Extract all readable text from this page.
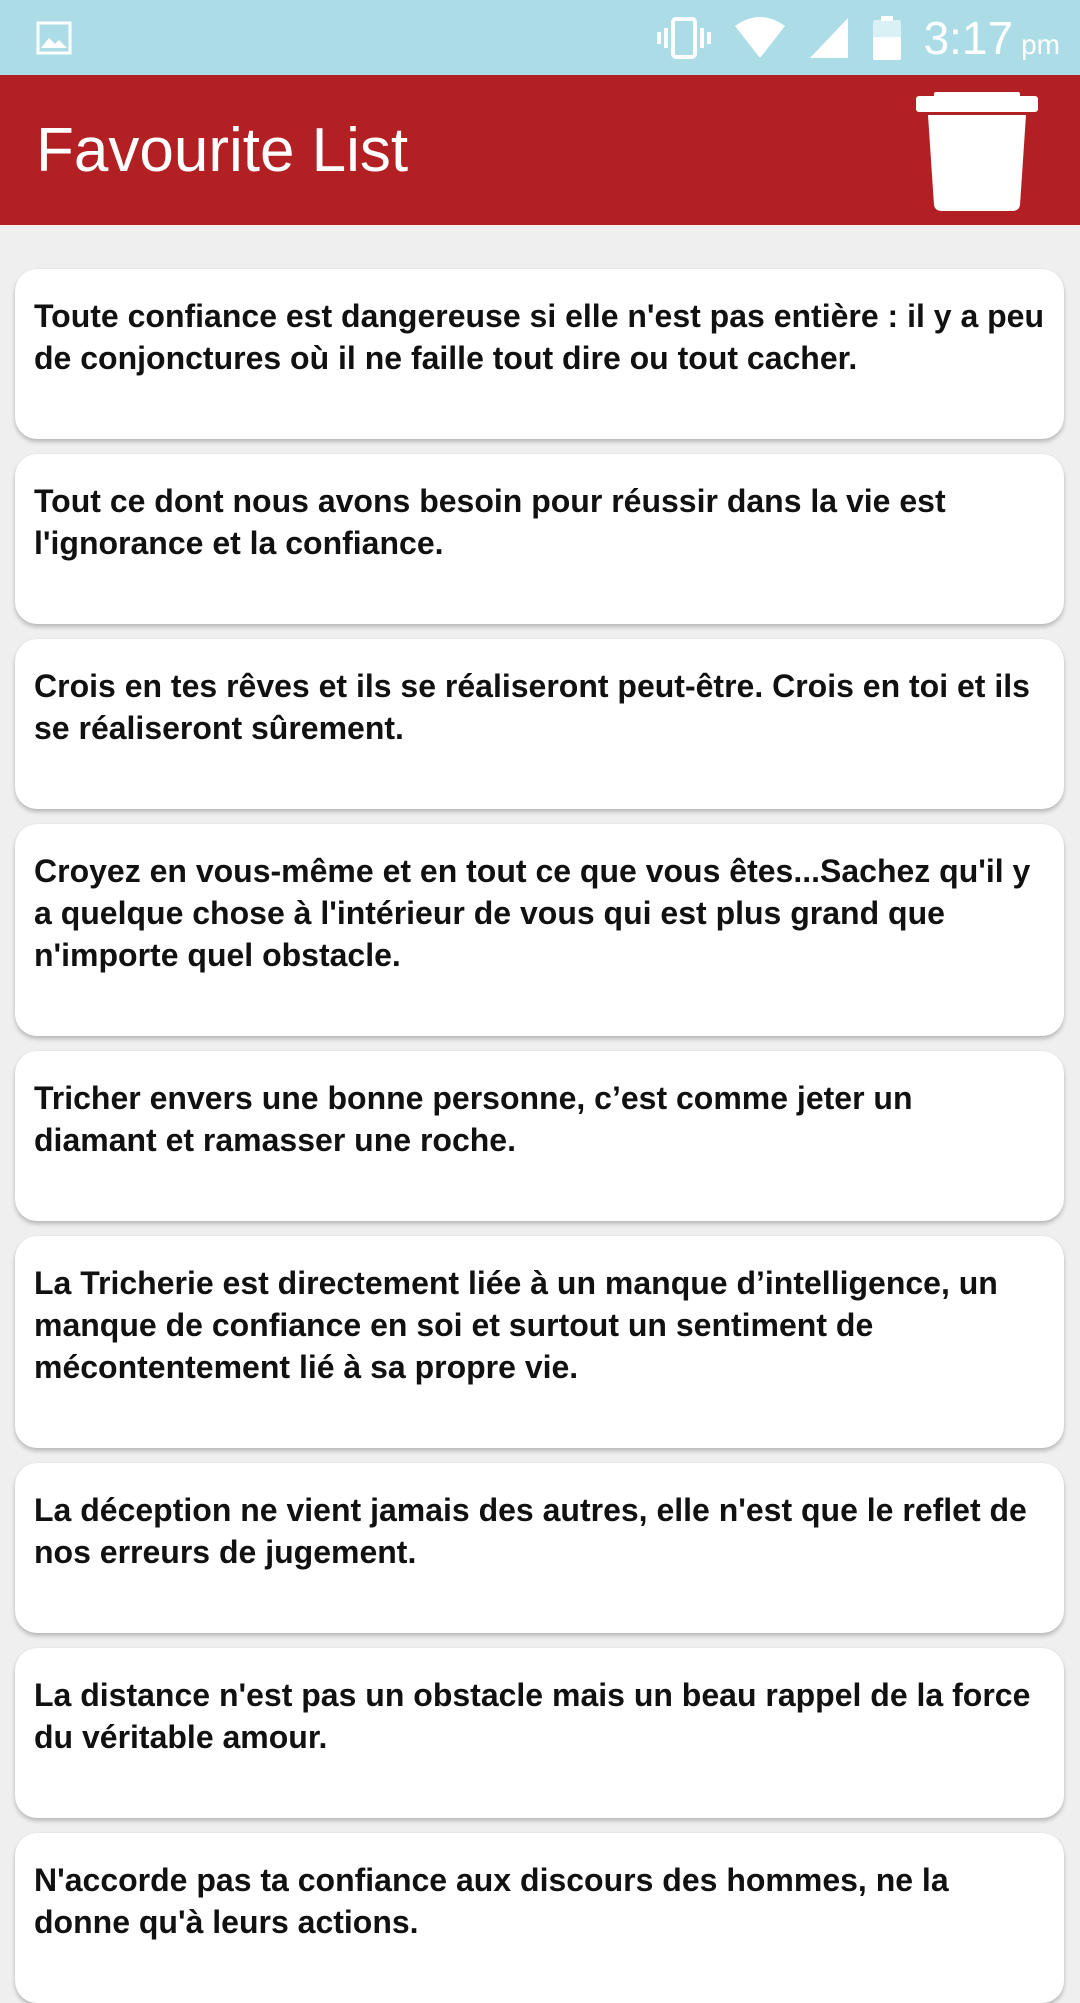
3:17 pm
Favourite List
Toute confiance est dangereuse si elle n'est pas entière : il y a peu de conjonctures où il ne faille tout dire ou tout cacher.
Tout ce dont nous avons besoin pour réussir dans la vie est l'ignorance et la confiance.
Crois en tes rêves et ils se réaliseront peut-être. Crois en toi et ils se réaliseront sûrement.
Croyez en vous-même et en tout ce que vous êtes...Sachez qu'il y a quelque chose à l'intérieur de vous qui est plus grand que n'importe quel obstacle.
Tricher envers une bonne personne, c’est comme jeter un diamant et ramasser une roche.
La Tricherie est directement liée à un manque d’intelligence, un manque de confiance en soi et surtout un sentiment de mécontentement lié à sa propre vie.
La déception ne vient jamais des autres, elle n'est que le reflet de nos erreurs de jugement.
La distance n'est pas un obstacle mais un beau rappel de la force du véritable amour.
N'accorde pas ta confiance aux discours des hommes, ne la donne qu'à leurs actions.
